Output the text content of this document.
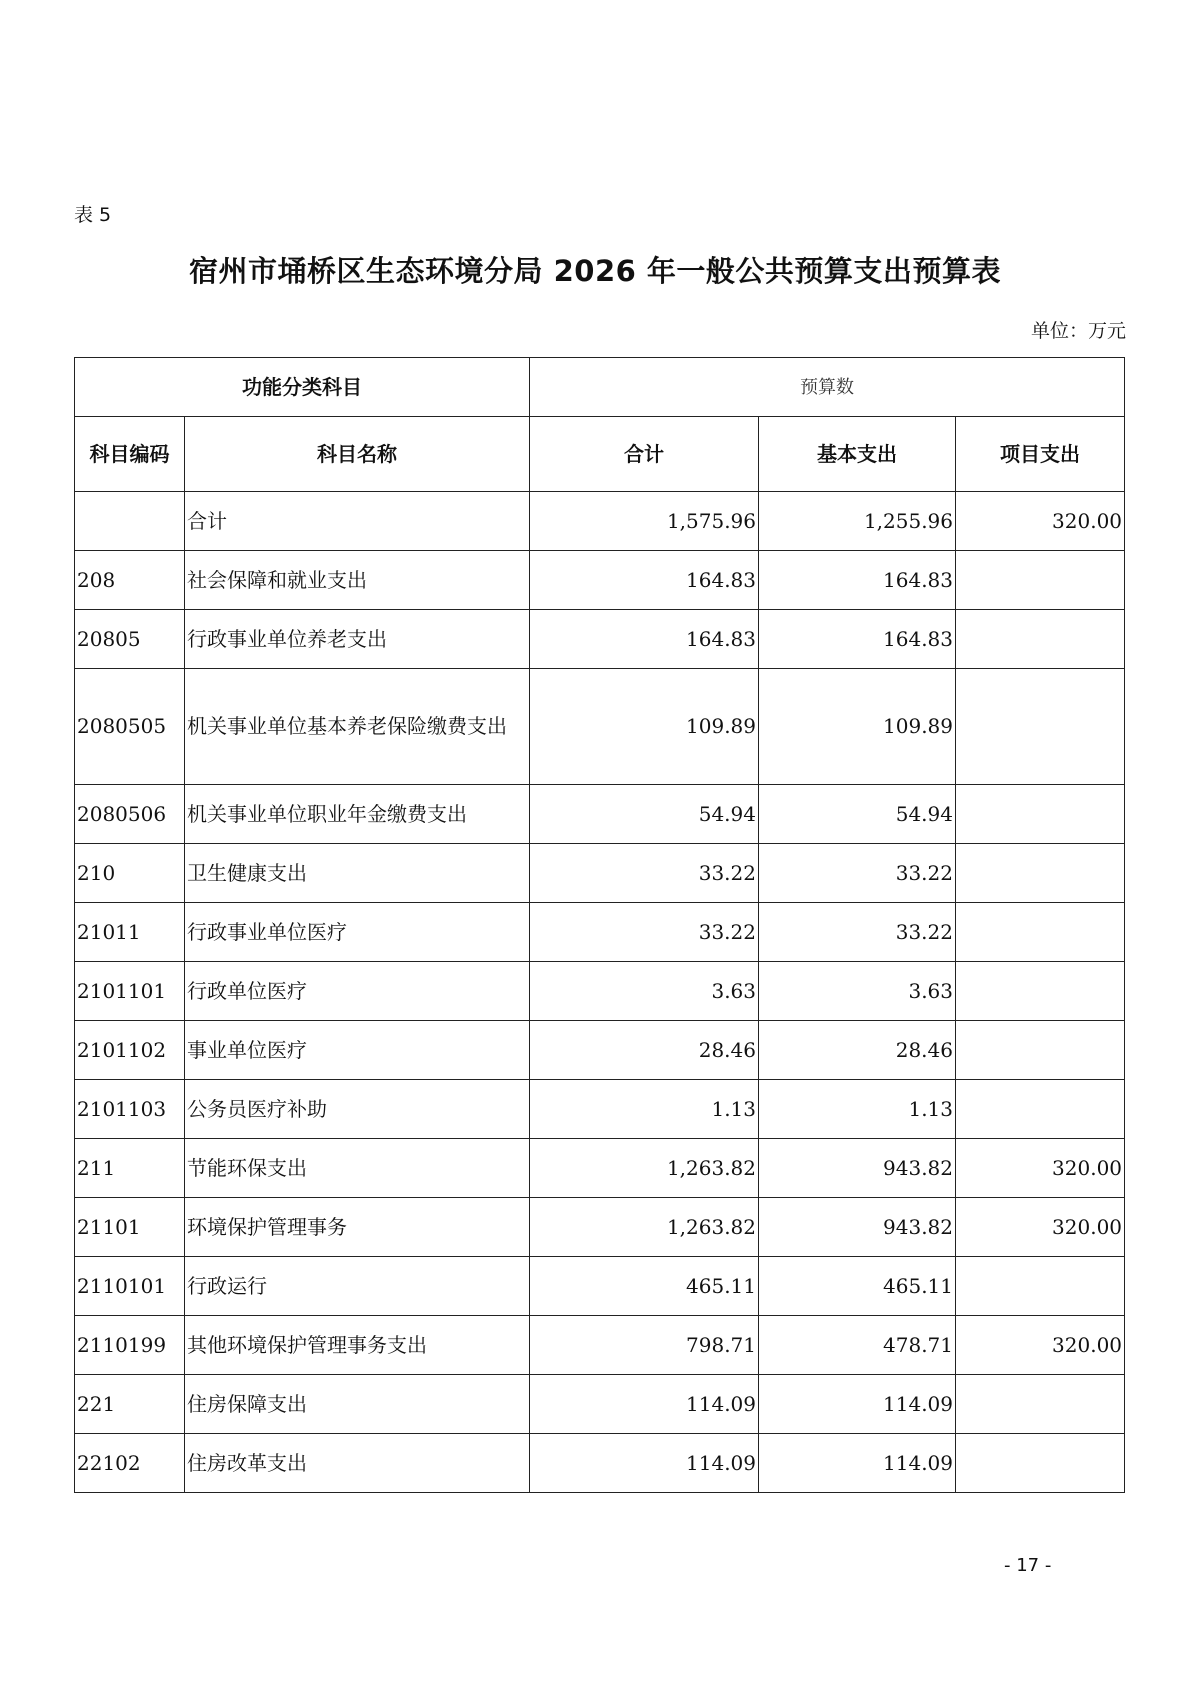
表 5
宿州市埇桥区生态环境分局 2026 年一般公共预算支出预算表
单位：万元
功能分类科目		预算数		
科目编码	科目名称	合计	基本支出	项目支出
	合计	1,575.96	1,255.96	320.00
208	社会保障和就业支出	164.83	164.83	
20805	行政事业单位养老支出	164.83	164.83	
2080505	机关事业单位基本养老保险缴费支出	109.89	109.89	
2080506	机关事业单位职业年金缴费支出	54.94	54.94	
210	卫生健康支出	33.22	33.22	
21011	行政事业单位医疗	33.22	33.22	
2101101	行政单位医疗	3.63	3.63	
2101102	事业单位医疗	28.46	28.46	
2101103	公务员医疗补助	1.13	1.13	
211	节能环保支出	1,263.82	943.82	320.00
21101	环境保护管理事务	1,263.82	943.82	320.00
2110101	行政运行	465.11	465.11	
2110199	其他环境保护管理事务支出	798.71	478.71	320.00
221	住房保障支出	114.09	114.09	
22102	住房改革支出	114.09	114.09	
- 17 -
